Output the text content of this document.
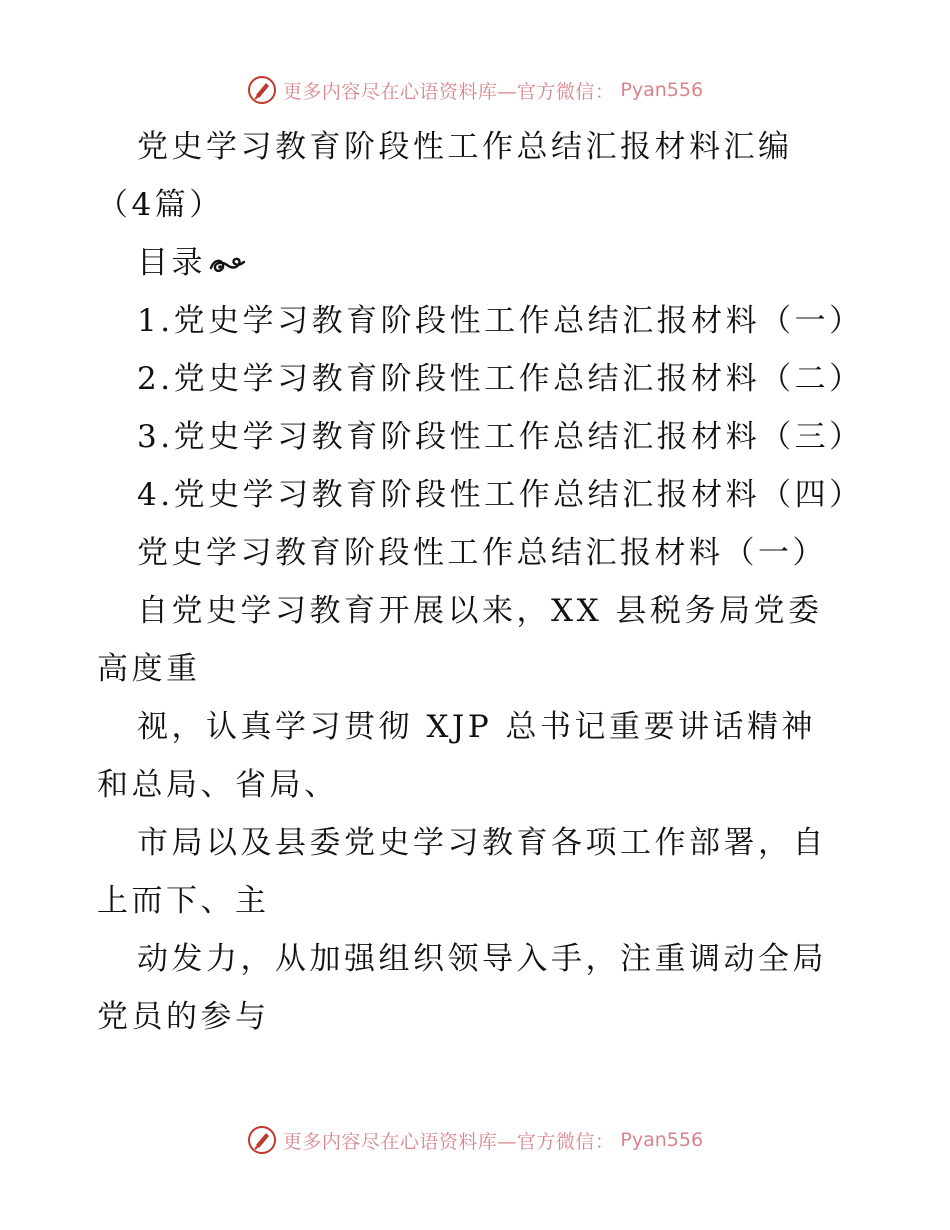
更多内容尽在心语资料库—官方微信： Pyan556

党史学习教育阶段性工作总结汇报材料汇编（4篇）

目录

1.党史学习教育阶段性工作总结汇报材料（一）

2.党史学习教育阶段性工作总结汇报材料（二）

3.党史学习教育阶段性工作总结汇报材料（三）

4.党史学习教育阶段性工作总结汇报材料（四）

党史学习教育阶段性工作总结汇报材料（一）

自党史学习教育开展以来，XX 县税务局党委高度重

视，认真学习贯彻 XJP 总书记重要讲话精神和总局、省局、

市局以及县委党史学习教育各项工作部署，自上而下、主

动发力，从加强组织领导入手，注重调动全局党员的参与

更多内容尽在心语资料库—官方微信： Pyan556
